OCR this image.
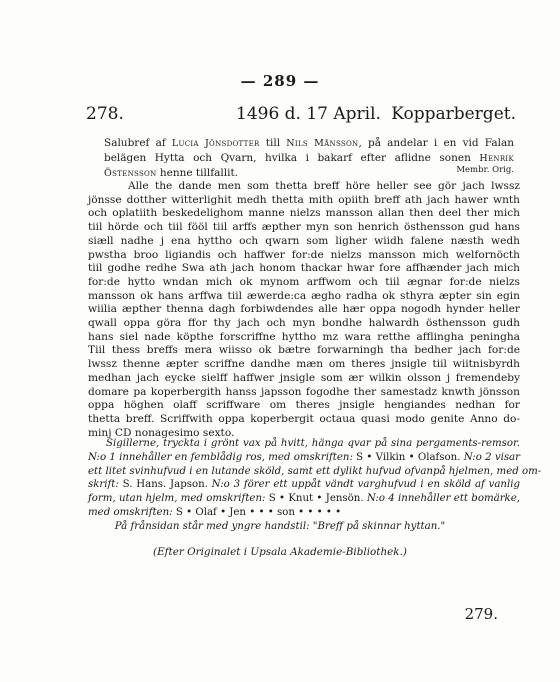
— 289 —
278.	1496 d. 17 April. Kopparberget.
Salubref af Lucia Jönsdotter till Nils Månsson, på andelar i en vid Falan belägen Hytta och Qvarn, hvilka i bakarf efter aflidne sonen Henrik Östensson henne tillfallit.	Membr. Orig.
Alle the dande men som thetta breff höre heller see gör jach lwssz
jönsse dotther witterlighit medh thetta mith opiith breff ath jach hawer wnth
och oplatiith beskedelighom manne nielzs mansson allan then deel ther mich
tiil hörde och tiil fööl tiil arffs æpther myn son henrich östhensson gud hans
siæll nadhe j ena hyttho och qwarn som ligher wiidh falene næsth wedh
pwstha broo ligiandis och haffwer for:de nielzs mansson mich welfornöcth
tiil godhe redhe Swa ath jach honom thackar hwar fore affhænder jach mich
for:de hytto wndan mich ok mynom arffwom och tiil ægnar for:de nielzs
mansson ok hans arffwa tiil æwerde:ca ægho radha ok sthyra æpter sin egin
wiilia æpther thenna dagh forbiwdendes alle hær oppa nogodh hynder heller
qwall oppa göra ffor thy jach och myn bondhe halwardh östhensson gudh
hans siel nade köpthe forscriffne hyttho mz wara retthe afflingha peningha
Tiil thess breffs mera wiisso ok bætre forwarningh tha bedher jach for:de
lwssz thenne æpter scriffne dandhe mæn om theres jnsigle tiil wiitnisbyrdh
medhan jach eycke sielff haffwer jnsigle som ær wilkin olsson j fremendeby
domare pa koperbergith hanss japsson fogodhe ther samestadz knwth jönsson
oppa höghen olaff scriffware om theres jnsigle hengiandes nedhan for
thetta breff. Scriffwith oppa koperbergit octaua quasi modo genite Anno do-
minj CD nonagesimo sexto.
Sigillerne, tryckta i grönt vax på hvitt, hänga qvar på sina pergaments-remsor.
N:o 1 innehåller en femblådig ros, med omskriften: S • Vilkin • Olafson. N:o 2 visar
ett litet svinhufvud i en lutande sköld, samt ett dylikt hufvud ofvanpå hjelmen, med om-
skrift: S. Hans. Japson. N:o 3 förer ett uppåt vändt varghufvud i en sköld af vanlig
form, utan hjelm, med omskriften: S • Knut • Jensön. N:o 4 innehåller ett bomärke,
med omskriften: S • Olaf • Jen • • • son • • • • •
På frånsidan står med yngre handstil: "Breff på skinnar hyttan."
(Efter Originalet i Upsala Akademie-Bibliothek.)
279.
